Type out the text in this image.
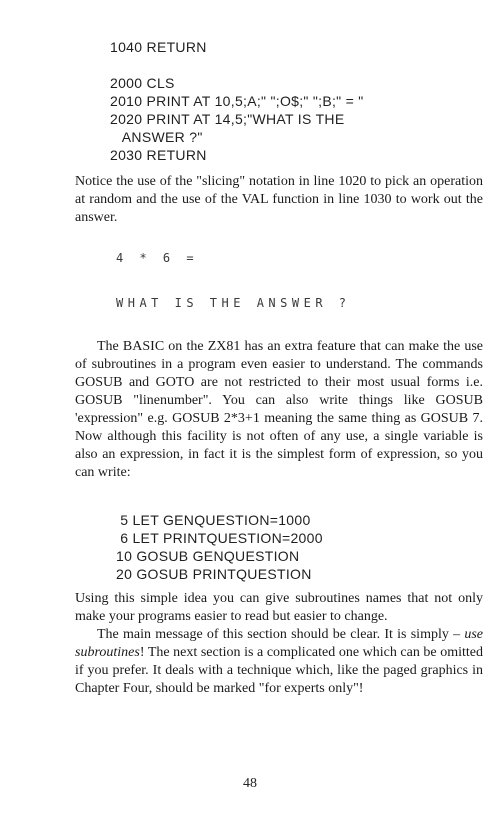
1040 RETURN
2000 CLS
2010 PRINT AT 10,5;A;" ";O$;" ";B;" = "
2020 PRINT AT 14,5;"WHAT IS THE
ANSWER ?"
2030 RETURN

Notice the use of the "slicing" notation in line 1020 to pick an operation at random and the use of the VAL function in line 1030 to work out the answer.

4 * 6 =
WHAT IS THE ANSWER ?

The BASIC on the ZX81 has an extra feature that can make the use of subroutines in a program even easier to understand. The commands GOSUB and GOTO are not restricted to their most usual forms i.e. GOSUB "linenumber". You can also write things like GOSUB 'expression" e.g. GOSUB 2*3+1 meaning the same thing as GOSUB 7. Now although this facility is not often of any use, a single variable is also an expression, in fact it is the simplest form of expression, so you can write:

5 LET GENQUESTION=1000
6 LET PRINTQUESTION=2000
10 GOSUB GENQUESTION
20 GOSUB PRINTQUESTION

Using this simple idea you can give subroutines names that not only make your programs easier to read but easier to change.

The main message of this section should be clear. It is simply – use subroutines! The next section is a complicated one which can be omitted if you prefer. It deals with a technique which, like the paged graphics in Chapter Four, should be marked "for experts only"!

48
